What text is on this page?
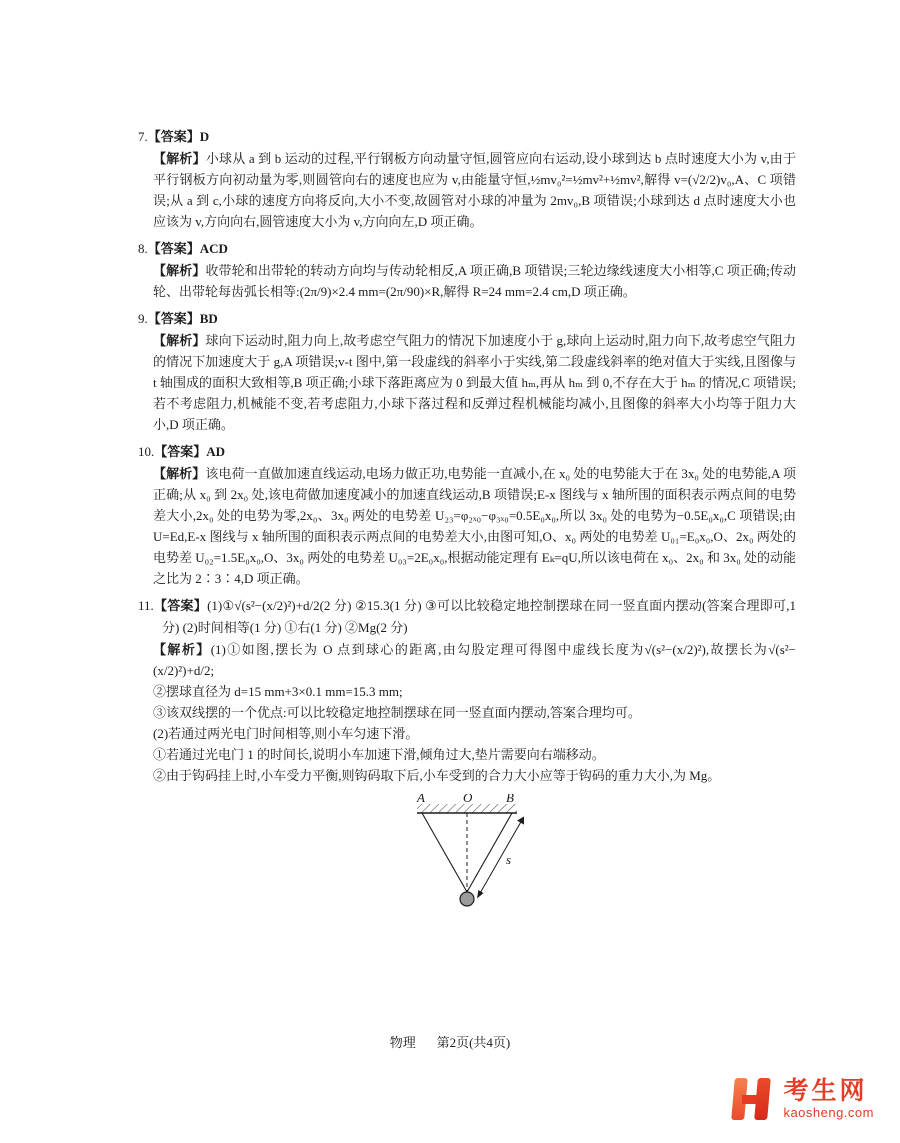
7.【答案】D
【解析】小球从 a 到 b 运动的过程,平行钢板方向动量守恒,圆管应向右运动,设小球到达 b 点时速度大小为 v,由于平行钢板方向初动量为零,则圆管向右的速度也应为 v,由能量守恒,½mv₀²=½mv²+½mv²,解得 v=(√2/2)v₀,A、C 项错误;从 a 到 c,小球的速度方向将反向,大小不变,故圆管对小球的冲量为 2mv₀,B 项错误;小球到达 d 点时速度大小也应该为 v,方向向右,圆管速度大小为 v,方向向左,D 项正确。
8.【答案】ACD
【解析】收带轮和出带轮的转动方向均与传动轮相反,A 项正确,B 项错误;三轮边缘线速度大小相等,C 项正确;传动轮、出带轮每齿弧长相等:(2π/9)×2.4 mm=(2π/90)×R,解得 R=24 mm=2.4 cm,D 项正确。
9.【答案】BD
【解析】球向下运动时,阻力向上,故考虑空气阻力的情况下加速度小于 g,球向上运动时,阻力向下,故考虑空气阻力的情况下加速度大于 g,A 项错误;v-t 图中,第一段虚线的斜率小于实线,第二段虚线斜率的绝对值大于实线,且图像与 t 轴围成的面积大致相等,B 项正确;小球下落距离应为 0 到最大值 hₘ,再从 hₘ 到 0,不存在大于 hₘ 的情况,C 项错误;若不考虑阻力,机械能不变,若考虑阻力,小球下落过程和反弹过程机械能均减小,且图像的斜率大小均等于阻力大小,D 项正确。
10.【答案】AD
【解析】该电荷一直做加速直线运动,电场力做正功,电势能一直减小,在 x₀ 处的电势能大于在 3x₀ 处的电势能,A 项正确;从 x₀ 到 2x₀ 处,该电荷做加速度减小的加速直线运动,B 项错误;E-x 图线与 x 轴所围的面积表示两点间的电势差大小,2x₀ 处的电势为零,2x₀、3x₀ 两处的电势差 U₂₃=φ₂ₓ₀−φ₃ₓ₀=0.5E₀x₀,所以 3x₀ 处的电势为−0.5E₀x₀,C 项错误;由 U=Ed,E-x 图线与 x 轴所围的面积表示两点间的电势差大小,由图可知,O、x₀ 两处的电势差 U₀₁=E₀x₀,O、2x₀ 两处的电势差 U₀₂=1.5E₀x₀,O、3x₀ 两处的电势差 U₀₃=2E₀x₀,根据动能定理有 Eₖ=qU,所以该电荷在 x₀、2x₀ 和 3x₀ 处的动能之比为 2∶3∶4,D 项正确。
11.【答案】(1)①√(s²−(x/2)²)+d/2(2 分) ②15.3(1 分) ③可以比较稳定地控制摆球在同一竖直面内摆动(答案合理即可,1 分) (2)时间相等(1 分) ①右(1 分) ②Mg(2 分)
【解析】(1)①如图,摆长为 O 点到球心的距离,由勾股定理可得图中虚线长度为√(s²−(x/2)²),故摆长为√(s²−(x/2)²)+d/2;
②摆球直径为 d=15 mm+3×0.1 mm=15.3 mm;
③该双线摆的一个优点:可以比较稳定地控制摆球在同一竖直面内摆动,答案合理均可。
(2)若通过两光电门时间相等,则小车匀速下滑。
①若通过光电门 1 的时间长,说明小车加速下滑,倾角过大,垫片需要向右端移动。
②由于钩码挂上时,小车受力平衡,则钩码取下后,小车受到的合力大小应等于钩码的重力大小,为 Mg。
A	O	B
s
物理 第2页(共4页)
考生网
kaosheng.com
